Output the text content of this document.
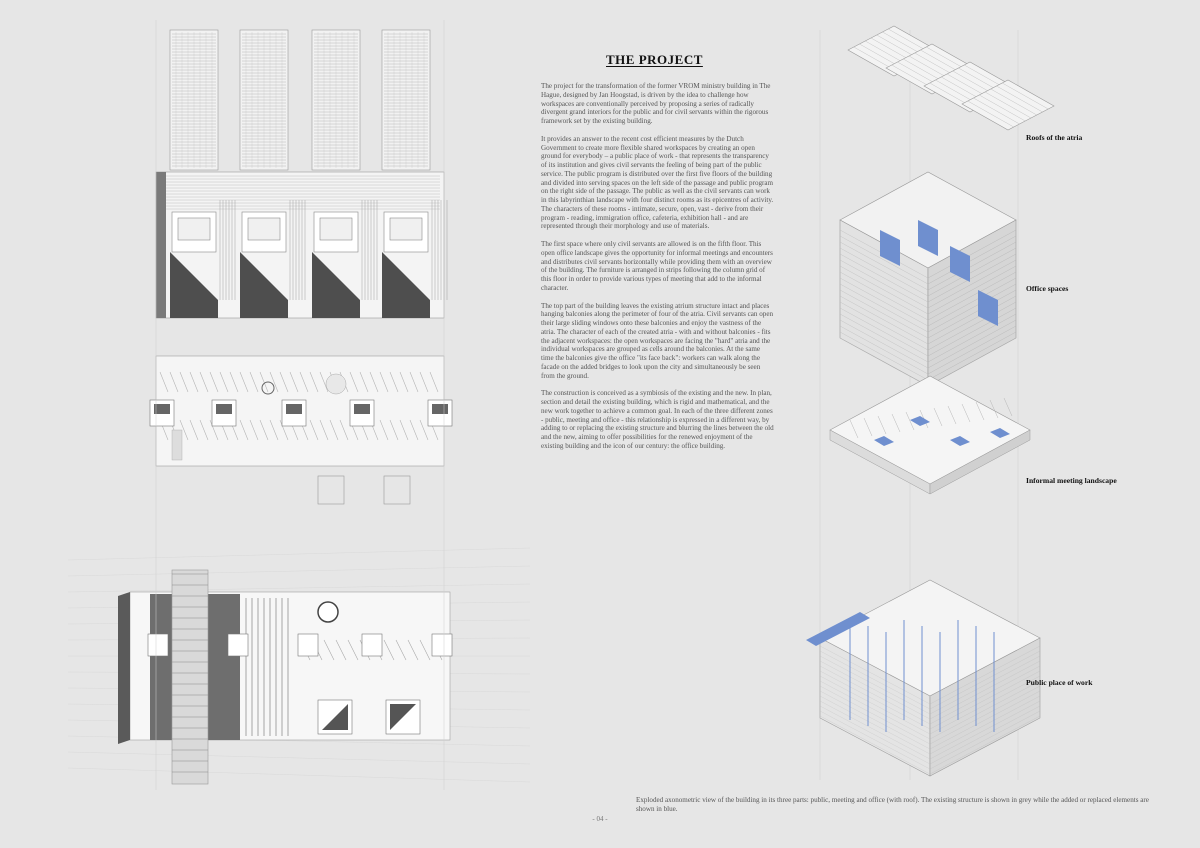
THE PROJECT

The project for the transformation of the former VROM ministry building in The Hague, designed by Jan Hoogstad, is driven by the idea to challenge how workspaces are conventionally perceived by proposing a series of radically divergent grand interiors for the public and for civil servants within the rigorous framework set by the existing building.

It provides an answer to the recent cost efficient measures by the Dutch Government to create more flexible shared workspaces by creating an open ground for everybody – a public place of work - that represents the transparency of its institution and gives civil servants the feeling of being part of the public service. The public program is distributed over the first five floors of the building and divided into serving spaces on the left side of the passage and public program on the right side of the passage. The public as well as the civil servants can work in this labyrinthian landscape with four distinct rooms as its epicentres of activity. The characters of these rooms - intimate, secure, open, vast - derive from their program - reading, immigration office, cafeteria, exhibition hall - and are represented through their morphology and use of materials.

The first space where only civil servants are allowed is on the fifth floor. This open office landscape gives the opportunity for informal meetings and encounters and distributes civil servants horizontally while providing them with an overview of the building. The furniture is arranged in strips following the column grid of this floor in order to provide various types of meeting that add to the informal character.

The top part of the building leaves the existing atrium structure intact and places hanging balconies along the perimeter of four of the atria. Civil servants can open their large sliding windows onto these balconies and enjoy the vastness of the atria. The character of each of the created atria - with and without balconies - fits the adjacent workspaces: the open workspaces are facing the "hard" atria and the individual workspaces are grouped as cells around the balconies. At the same time the balconies give the office "its face back": workers can walk along the facade on the added bridges to look upon the city and simultaneously be seen from the ground.

The construction is conceived as a symbiosis of the existing and the new. In plan, section and detail the existing building, which is rigid and mathematical, and the new work together to achieve a common goal. In each of the three different zones - public, meeting and office - this relationship is expressed in a different way, by adding to or replacing the existing structure and blurring the lines between the old and the new, aiming to offer possibilities for the renewed enjoyment of the existing building and the icon of our century: the office building.

Roofs of the atria
Office spaces
Informal meeting landscape
Public place of work
Exploded axonometric view of the building in its three parts: public, meeting and office (with roof). The existing structure is shown in grey while the added or replaced elements are shown in blue.
- 04 -
